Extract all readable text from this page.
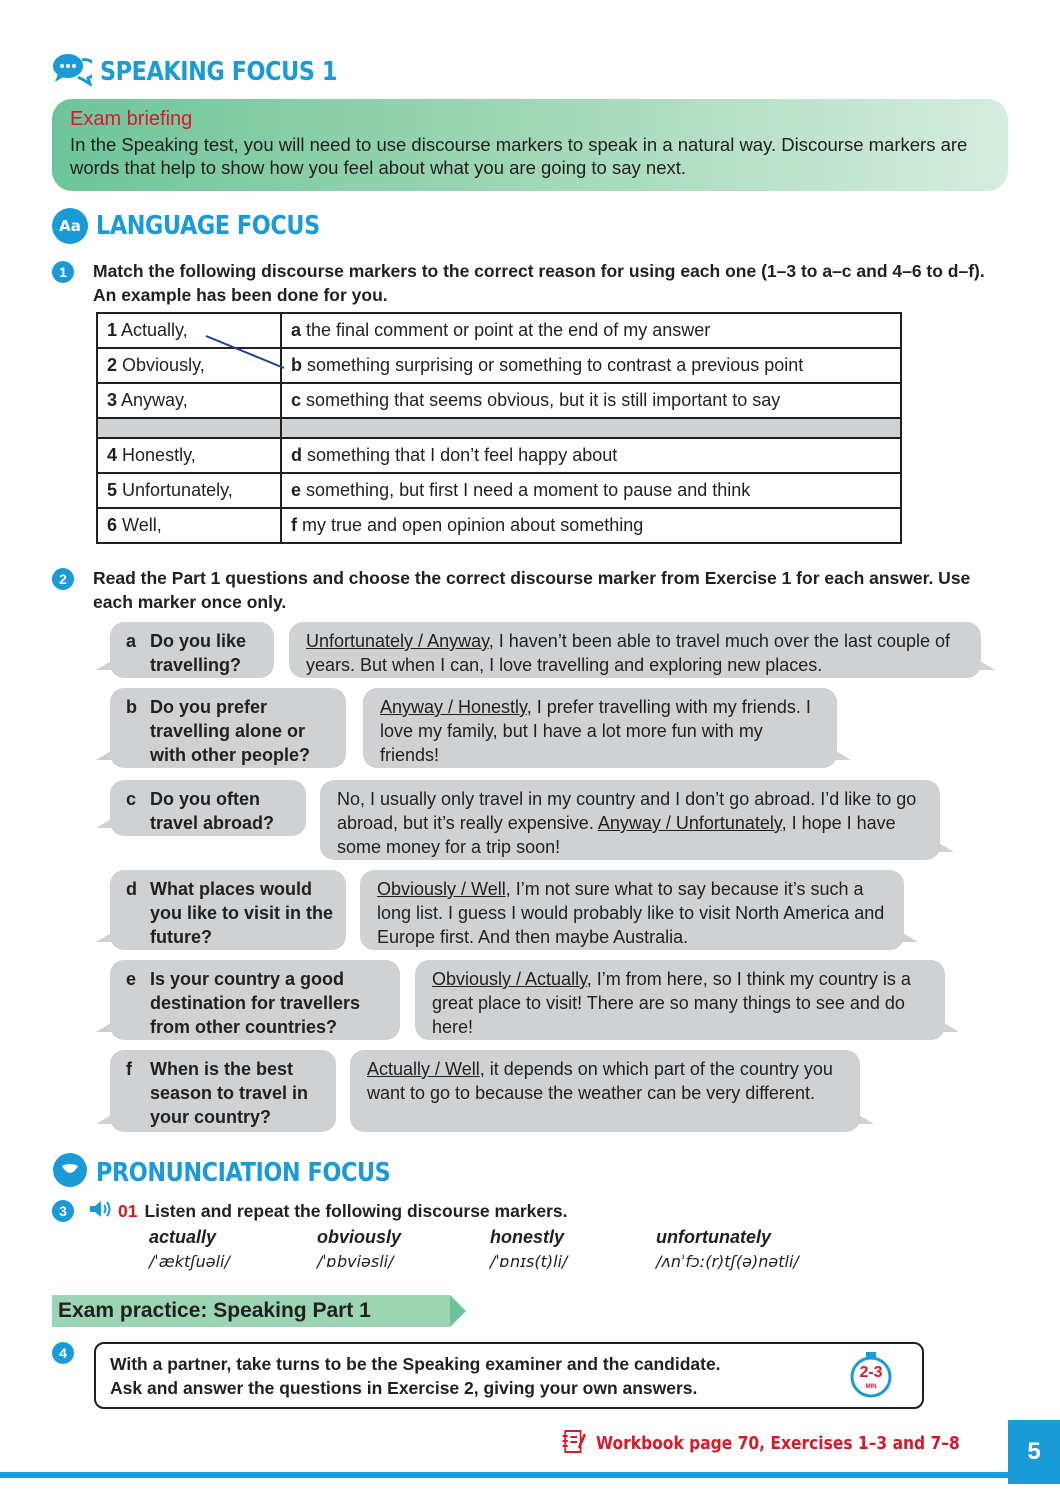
SPEAKING FOCUS 1
Exam briefing
In the Speaking test, you will need to use discourse markers to speak in a natural way. Discourse markers are words that help to show how you feel about what you are going to say next.
Aa LANGUAGE FOCUS
1	Match the following discourse markers to the correct reason for using each one (1–3 to a–c and 4–6 to d–f). An example has been done for you.
1 Actually,	a the final comment or point at the end of my answer
2 Obviously,	b something surprising or something to contrast a previous point
3 Anyway,	c something that seems obvious, but it is still important to say

4 Honestly,	d something that I don’t feel happy about
5 Unfortunately,	e something, but first I need a moment to pause and think
6 Well,	f my true and open opinion about something
2	Read the Part 1 questions and choose the correct discourse marker from Exercise 1 for each answer. Use each marker once only.
a Do you like travelling?
Unfortunately / Anyway, I haven’t been able to travel much over the last couple of years. But when I can, I love travelling and exploring new places.
b Do you prefer travelling alone or with other people?
Anyway / Honestly, I prefer travelling with my friends. I love my family, but I have a lot more fun with my friends!
c Do you often travel abroad?
No, I usually only travel in my country and I don’t go abroad. I’d like to go abroad, but it’s really expensive. Anyway / Unfortunately, I hope I have some money for a trip soon!
d What places would you like to visit in the future?
Obviously / Well, I’m not sure what to say because it’s such a long list. I guess I would probably like to visit North America and Europe first. And then maybe Australia.
e Is your country a good destination for travellers from other countries?
Obviously / Actually, I’m from here, so I think my country is a great place to visit! There are so many things to see and do here!
f	When is the best season to travel in your country?
Actually / Well, it depends on which part of the country you want to go to because the weather can be very different.
PRONUNCIATION FOCUS
3	01 Listen and repeat the following discourse markers.
actually	obviously	honestly	unfortunately
/ˈæktʃuəli/	/ˈɒbviəsli/	/ˈɒnɪs(t)li/	/ʌnˈfɔː(r)tʃ(ə)nətli/
Exam practice: Speaking Part 1
4
With a partner, take turns to be the Speaking examiner and the candidate.
Ask and answer the questions in Exercise 2, giving your own answers.
2-3
MIN
Workbook page 70, Exercises 1–3 and 7–8	5
